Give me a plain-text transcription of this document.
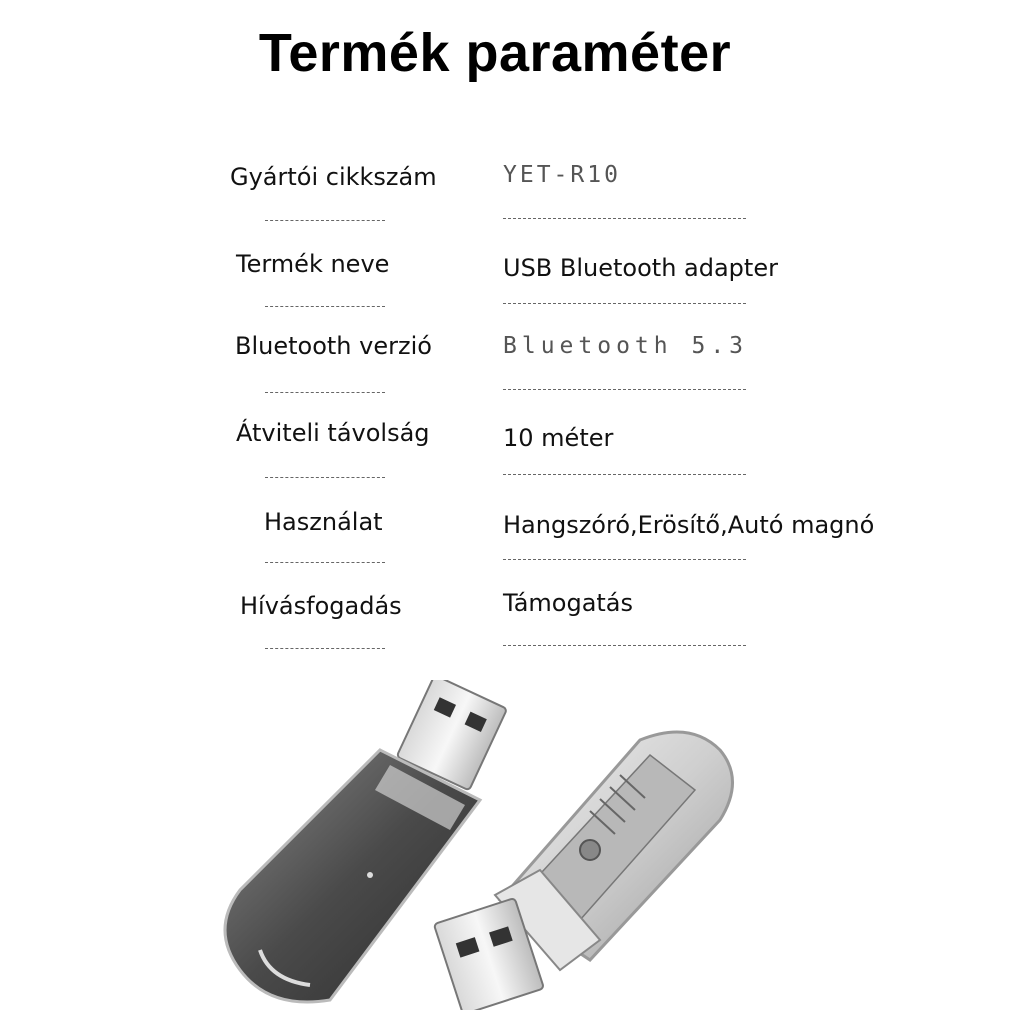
Termék paraméter
Gyártói cikkszám	YET-R10
Termék neve	USB Bluetooth adapter
Bluetooth verzió	Bluetooth 5.3
Átviteli távolság	10 méter
Használat	Hangszóró,Erösítő,Autó magnó
Hívásfogadás	Támogatás
